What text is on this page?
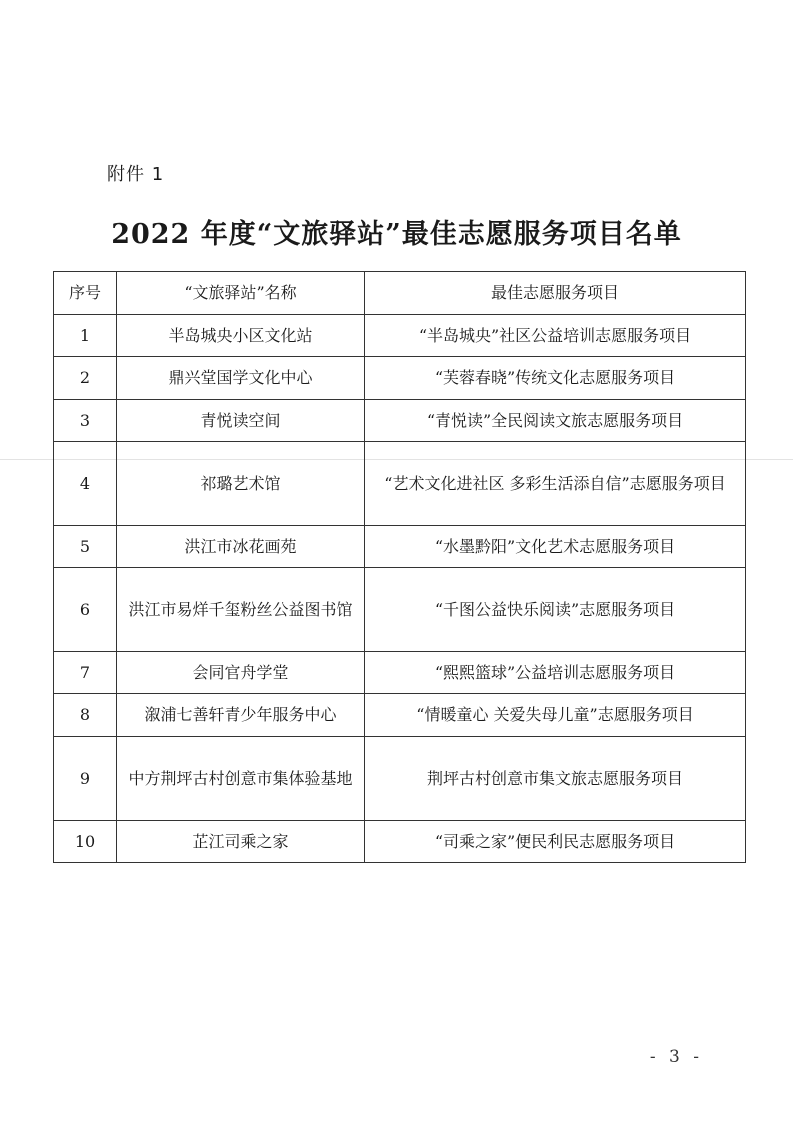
附件 1
2022 年度“文旅驿站”最佳志愿服务项目名单
序号	“文旅驿站”名称	最佳志愿服务项目
1	半岛城央小区文化站	“半岛城央”社区公益培训志愿服务项目
2	鼎兴堂国学文化中心	“芙蓉春晓”传统文化志愿服务项目
3	青悦读空间	“青悦读”全民阅读文旅志愿服务项目
4	祁璐艺术馆	“艺术文化进社区 多彩生活添自信”志愿服务项目
5	洪江市冰花画苑	“水墨黔阳”文化艺术志愿服务项目
6	洪江市易烊千玺粉丝公益图书馆	“千图公益快乐阅读”志愿服务项目
7	会同官舟学堂	“熙熙篮球”公益培训志愿服务项目
8	溆浦七善轩青少年服务中心	“情暖童心 关爱失母儿童”志愿服务项目
9	中方荆坪古村创意市集体验基地	荆坪古村创意市集文旅志愿服务项目
10	芷江司乘之家	“司乘之家”便民利民志愿服务项目
- 3 -
